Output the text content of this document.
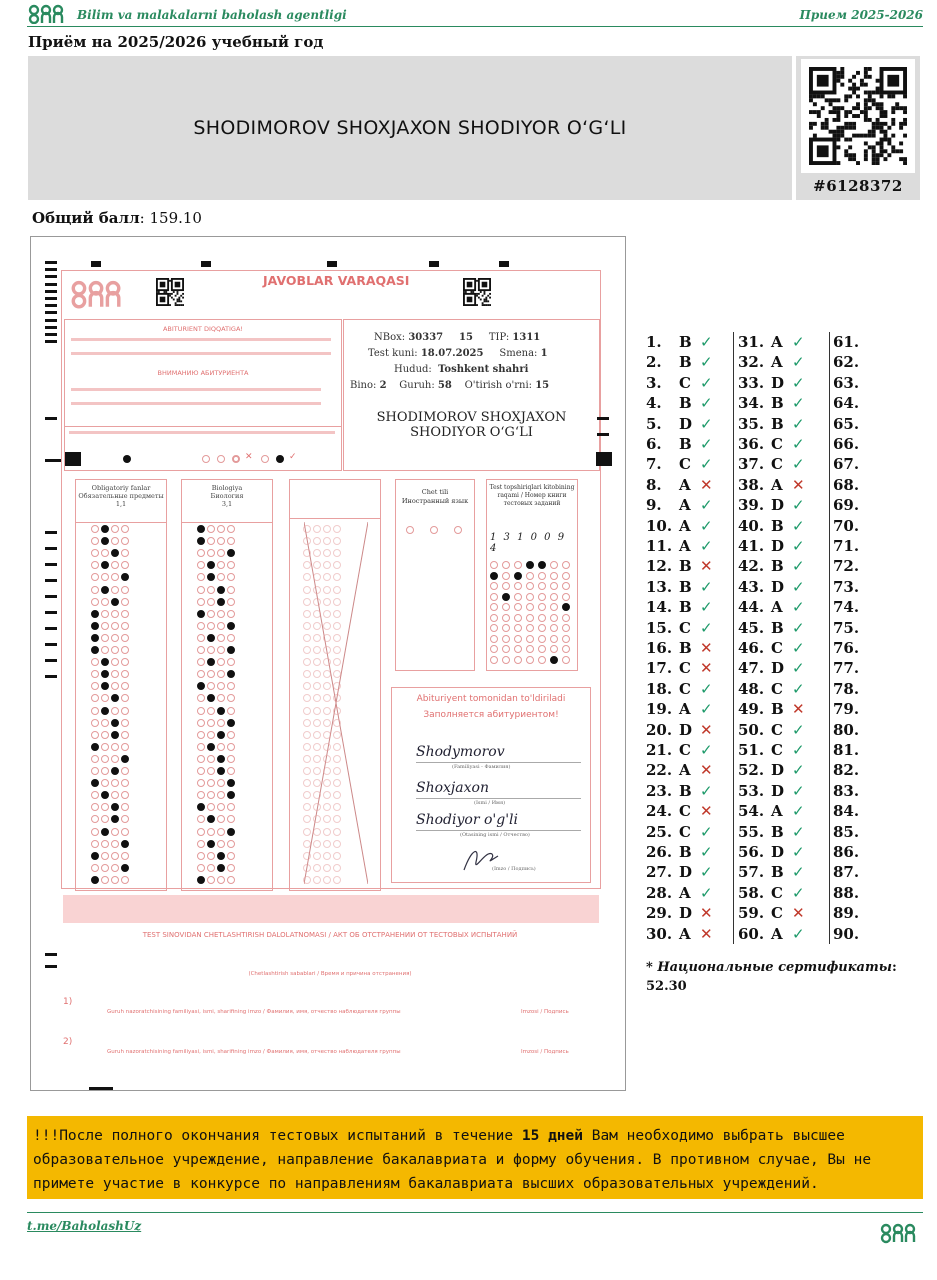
Bilim va malakalarni baholash agentligi	Прием 2025-2026
Приём на 2025/2026 учебный год
SHODIMOROV SHOXJAXON SHODIYOR O‘G‘LI
#6128372
Общий балл: 159.10
JAVOBLAR VARAQASI
ABITURIENT DIQQATIGA!
ВНИМАНИЮ АБИТУРИЕНТА
✕	✓
NBox: 30337 15 TIP: 1311
Test kuni: 18.07.2025 Smena: 1
Hudud: Toshkent shahri
Bino: 2 Guruh: 58 O'tirish o'rni: 15
SHODIMOROV SHOXJAXON
SHODIYOR O‘G‘LI
Obligatoriy fanlar
Обязательные предметы
1,1
Biologiya
Биология
3,1
Chet tili
Иностранный язык
Test topshiriqlari kitobining raqami / Номер книги тестовых заданий
1 3 1 0 0 9 4
Abituriyent tomonidan to'ldiriladi
Заполняется абитуриентом!
Shodymorov
(Familiyasi - Фамилия)
Shoxjaxon
(Ismi / Имя)
Shodiyor o'g'li
(Otasining ismi / Отчество)
(Imzo / Подпись)
TEST SINOVIDAN CHETLASHTIRISH DALOLATNOMASI / АКТ ОБ ОТСТРАНЕНИИ ОТ ТЕСТОВЫХ ИСПЫТАНИЙ
(Chetlashtirish sabablari / Время и причина отстранения)
1)
Guruh nazoratchisining familiyasi, ismi, sharifining imzo / Фамилия, имя, отчество наблюдателя группы	Imzosi / Подпись
2)
Guruh nazoratchisining familiyasi, ismi, sharifining imzo / Фамилия, имя, отчество наблюдателя группы	Imzosi / Подпись
1. B ✓
2. B ✓
3. C ✓
4. B ✓
5. D ✓
6. B ✓
7. C ✓
8. A ✕
9. A ✓
10. A ✓
11. A ✓
12. B ✕
13. B ✓
14. B ✓
15. C ✓
16. B ✕
17. C ✕
18. C ✓
19. A ✓
20. D ✕
21. C ✓
22. A ✕
23. B ✓
24. C ✕
25. C ✓
26. B ✓
27. D ✓
28. A ✓
29. D ✕
30. A ✕
31. A ✓
32. A ✓
33. D ✓
34. B ✓
35. B ✓
36. C ✓
37. C ✓
38. A ✕
39. D ✓
40. B ✓
41. D ✓
42. B ✓
43. D ✓
44. A ✓
45. B ✓
46. C ✓
47. D ✓
48. C ✓
49. B ✕
50. C ✓
51. C ✓
52. D ✓
53. D ✓
54. A ✓
55. B ✓
56. D ✓
57. B ✓
58. C ✓
59. C ✕
60. A ✓
61.
62.
63.
64.
65.
66.
67.
68.
69.
70.
71.
72.
73.
74.
75.
76.
77.
78.
79.
80.
81.
82.
83.
84.
85.
86.
87.
88.
89.
90.
* Национальные сертификаты:
52.30
!!!После полного окончания тестовых испытаний в течение 15 дней Вам необходимо выбрать высшее образовательное учреждение, направление бакалавриата и форму обучения. В противном случае, Вы не примете участие в конкурсе по направлениям бакалавриата высших образовательных учреждений.
t.me/BaholashUz
